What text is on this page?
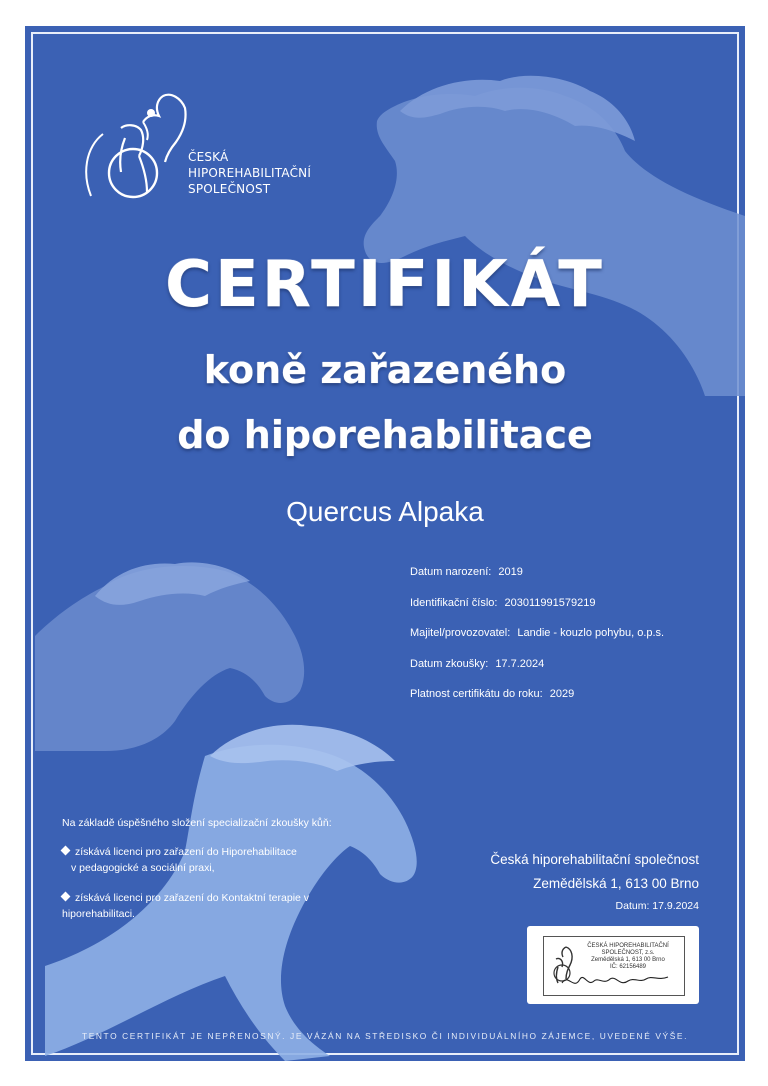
ČESKÁ
HIPOREHABILITAČNÍ
SPOLEČNOST
CERTIFIKÁT
koně zařazeného
do hiporehabilitace
Quercus Alpaka
Datum narození: 2019
Identifikační číslo: 203011991579219
Majitel/provozovatel: Landie - kouzlo pohybu, o.p.s.
Datum zkoušky: 17.7.2024
Platnost certifikátu do roku: 2029
Na základě úspěšného složení specializační zkoušky kůň:
získává licenci pro zařazení do Hiporehabilitace
v pedagogické a sociální praxi,
získává licenci pro zařazení do Kontaktní terapie v
hiporehabilitaci.
Česká hiporehabilitační společnost
Zemědělská 1, 613 00 Brno
Datum: 17.9.2024
ČESKÁ HIPOREHABILITAČNÍ
SPOLEČNOST, z.s.
Zemědělská 1, 613 00 Brno
IČ: 62156489
TENTO CERTIFIKÁT JE NEPŘENOSNÝ. JE VÁZÁN NA STŘEDISKO ČI INDIVIDUÁLNÍHO ZÁJEMCE, UVEDENÉ VÝŠE.
